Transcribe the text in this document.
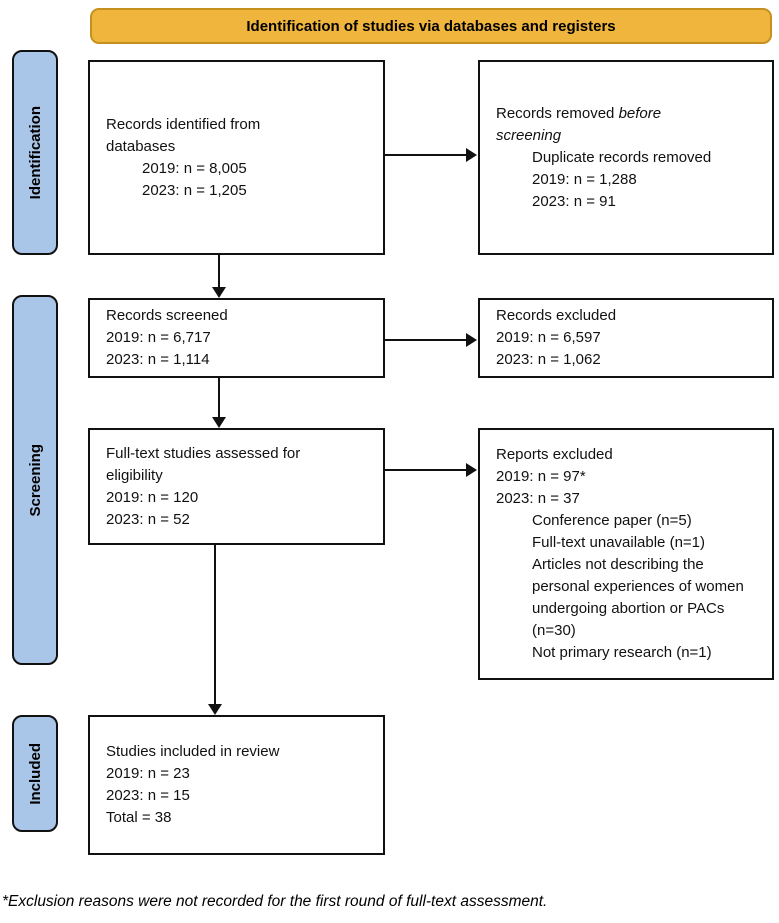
Identification of studies via databases and registers
Identification
Screening
Included
Records identified from
databases
2019: n = 8,005
2023: n = 1,205
Records removed before
screening
Duplicate records removed
2019: n = 1,288
2023: n = 91
Records screened
2019: n = 6,717
2023: n = 1,114
Records excluded
2019: n = 6,597
2023: n = 1,062
Full-text studies assessed for
eligibility
2019: n = 120
2023: n = 52
Reports excluded
2019: n = 97*
2023: n = 37
Conference paper (n=5)
Full-text unavailable (n=1)
Articles not describing the personal experiences of women undergoing abortion or PACs (n=30)
Not primary research (n=1)
Studies included in review
2019: n = 23
2023: n = 15
Total = 38
*Exclusion reasons were not recorded for the first round of full-text assessment.
